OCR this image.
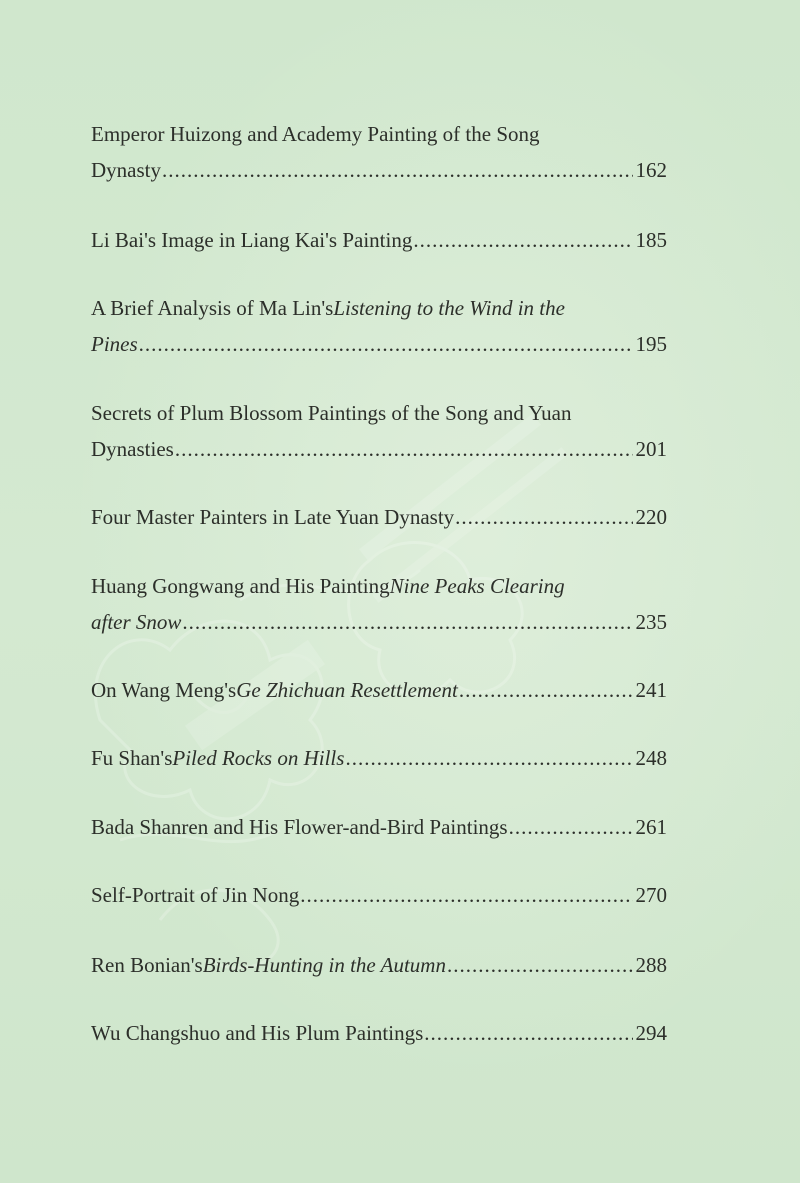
Emperor Huizong and Academy Painting of the Song
Dynasty .....	162
Li Bai's Image in Liang Kai's Painting .....	185
A Brief Analysis of Ma Lin's Listening to the Wind in the
Pines .....	195
Secrets of Plum Blossom Paintings of the Song and Yuan
Dynasties .....	201
Four Master Painters in Late Yuan Dynasty .....	220
Huang Gongwang and His Painting Nine Peaks Clearing
after Snow .....	235
On Wang Meng's Ge Zhichuan Resettlement .....	241
Fu Shan's Piled Rocks on Hills .....	248
Bada Shanren and His Flower-and-Bird Paintings .....	261
Self-Portrait of Jin Nong .....	270
Ren Bonian's Birds-Hunting in the Autumn .....	288
Wu Changshuo and His Plum Paintings .....	294
